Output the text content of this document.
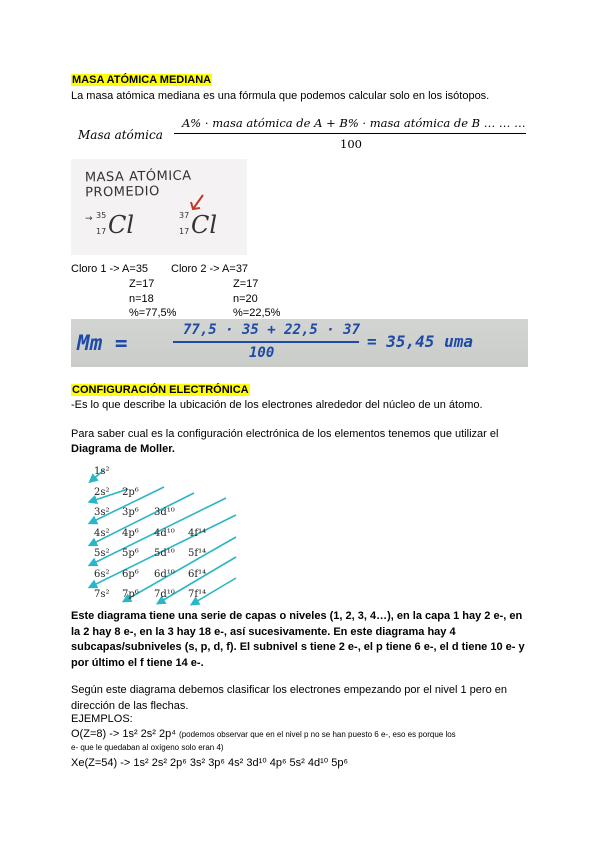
MASA ATÓMICA MEDIANA
La masa atómica mediana es una fórmula que podemos calcular solo en los isótopos.
Masa atómica
A% · masa atómica de A + B% · masa atómica de B … … …
100
MASA ATÓMICA PROMEDIO
→ 35
17 Cl	37
17 Cl
Cloro 1 -> A=35 Cloro 2 -> A=37
Z=17	Z=17
n=18	n=20
%=77,5%	%=22,5%
Mm =
77,5 · 35 + 22,5 · 37
100
= 35,45 uma
CONFIGURACIÓN ELECTRÓNICA
-Es lo que describe la ubicación de los electrones alrededor del núcleo de un átomo.
Para saber cual es la configuración electrónica de los elementos tenemos que utilizar el
Diagrama de Moller.
1s²
2s² 2p⁶
3s² 3p⁶ 3d¹⁰
4s² 4p⁶ 4d¹⁰ 4f¹⁴
5s² 5p⁶ 5d¹⁰ 5f¹⁴
6s² 6p⁶ 6d¹⁰ 6f¹⁴
7s² 7p⁶ 7d¹⁰ 7f¹⁴
Este diagrama tiene una serie de capas o niveles (1, 2, 3, 4…), en la capa 1 hay 2 e-, en la 2 hay 8 e-, en la 3 hay 18 e-, así sucesivamente. En este diagrama hay 4 subcapas/subniveles (s, p, d, f). El subnivel s tiene 2 e-, el p tiene 6 e-, el d tiene 10 e- y por último el f tiene 14 e-.
Según este diagrama debemos clasificar los electrones empezando por el nivel 1 pero en dirección de las flechas.
EJEMPLOS:
O(Z=8) -> 1s² 2s² 2p⁴ (podemos observar que en el nivel p no se han puesto 6 e-, eso es porque los
e- que le quedaban al oxígeno solo eran 4)
Xe(Z=54) -> 1s² 2s² 2p⁶ 3s² 3p⁶ 4s² 3d¹⁰ 4p⁶ 5s² 4d¹⁰ 5p⁶
